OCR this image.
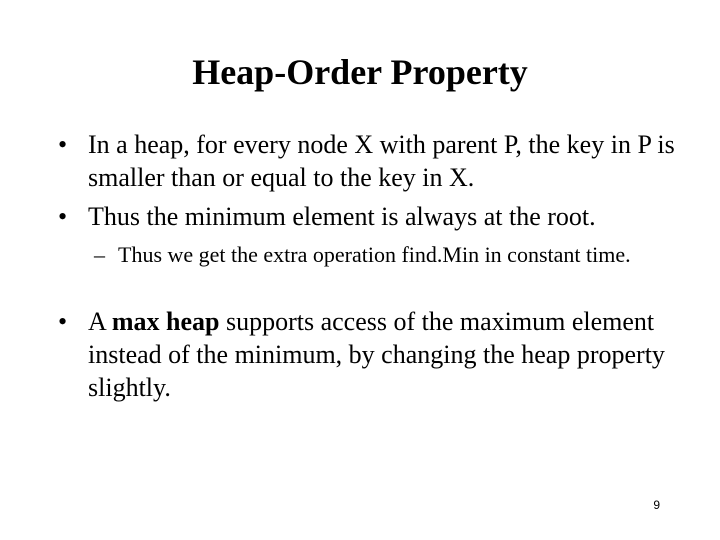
Heap-Order Property
• In a heap, for every node X with parent P, the key in P is smaller than or equal to the key in X.
• Thus the minimum element is always at the root.
– Thus we get the extra operation find.Min in constant time.
• A max heap supports access of the maximum element instead of the minimum, by changing the heap property slightly.
9
